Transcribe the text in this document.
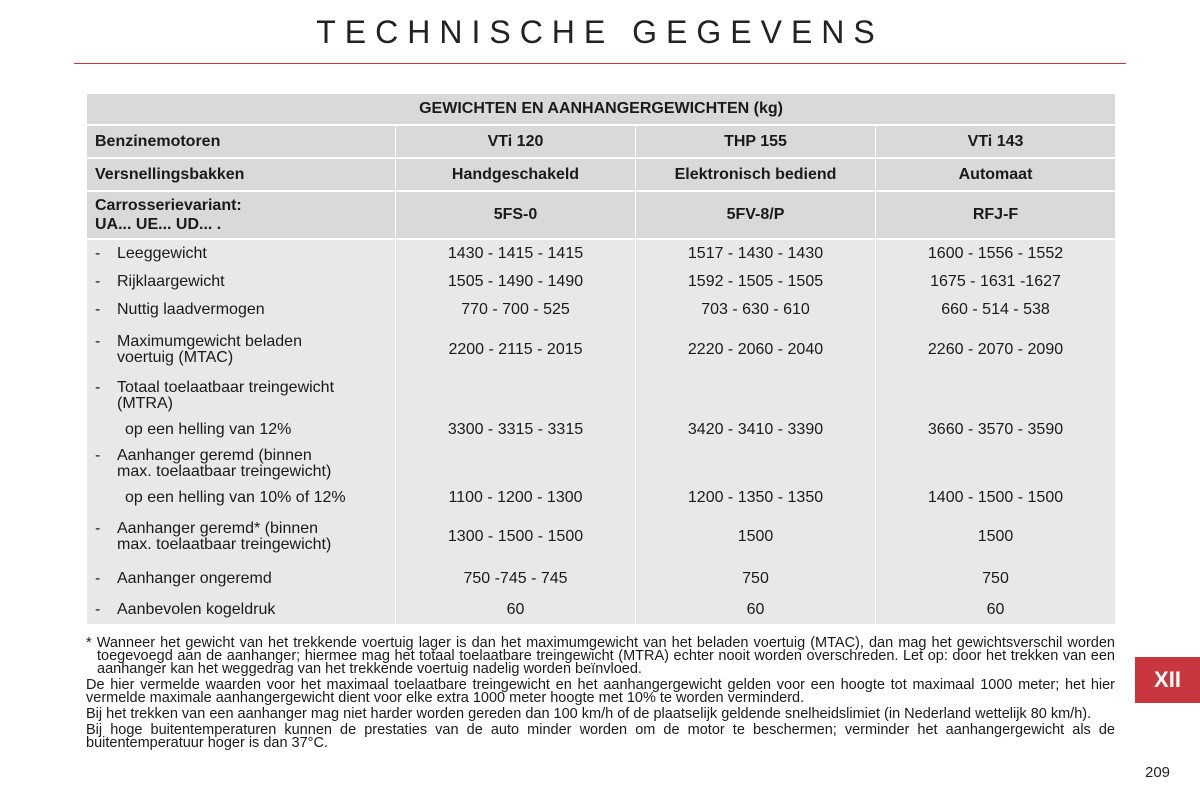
TECHNISCHE GEGEVENS
GEWICHTEN EN AANHANGERGEWICHTEN (kg)			
Benzinemotoren	VTi 120	THP 155	VTi 143
Versnellingsbakken	Handgeschakeld	Elektronisch bediend	Automaat

Carrosserievariant:
UA... UE... UD... .	5FS-0	5FV-8/P	RFJ-F

- Leeggewicht	1430 - 1415 - 1415	1517 - 1430 - 1430	1600 - 1556 - 1552

- Rijklaargewicht	1505 - 1490 - 1490	1592 - 1505 - 1505	1675 - 1631 -1627

- Nuttig laadvermogen	770 - 700 - 525	703 - 630 - 610	660 - 514 - 538

- Maximumgewicht beladen
voertuig (MTAC)	2200 - 2115 - 2015	2220 - 2060 - 2040	2260 - 2070 - 2090

- Totaal toelaatbaar treingewicht
(MTRA)			

op een helling van 12%	3300 - 3315 - 3315	3420 - 3410 - 3390	3660 - 3570 - 3590

- Aanhanger geremd (binnen
max. toelaatbaar treingewicht)			

op een helling van 10% of 12%	1100 - 1200 - 1300	1200 - 1350 - 1350	1400 - 1500 - 1500

- Aanhanger geremd* (binnen
max. toelaatbaar treingewicht)	1300 - 1500 - 1500	1500	1500

- Aanhanger ongeremd	750 -745 - 745	750	750

- Aanbevolen kogeldruk	60	60	60

* Wanneer het gewicht van het trekkende voertuig lager is dan het maximumgewicht van het beladen voertuig (MTAC), dan mag het gewichtsverschil worden toegevoegd aan de aanhanger; hiermee mag het totaal toelaatbare treingewicht (MTRA) echter nooit worden overschreden. Let op: door het trekken van een aanhanger kan het weggedrag van het trekkende voertuig nadelig worden beïnvloed.

De hier vermelde waarden voor het maximaal toelaatbare treingewicht en het aanhangergewicht gelden voor een hoogte tot maximaal 1000 meter; het hier vermelde maximale aanhangergewicht dient voor elke extra 1000 meter hoogte met 10% te worden verminderd.

Bij het trekken van een aanhanger mag niet harder worden gereden dan 100 km/h of de plaatselijk geldende snelheidslimiet (in Nederland wettelijk 80 km/h).

Bij hoge buitentemperaturen kunnen de prestaties van de auto minder worden om de motor te beschermen; verminder het aanhangergewicht als de buitentemperatuur hoger is dan 37°C.

XII
209
